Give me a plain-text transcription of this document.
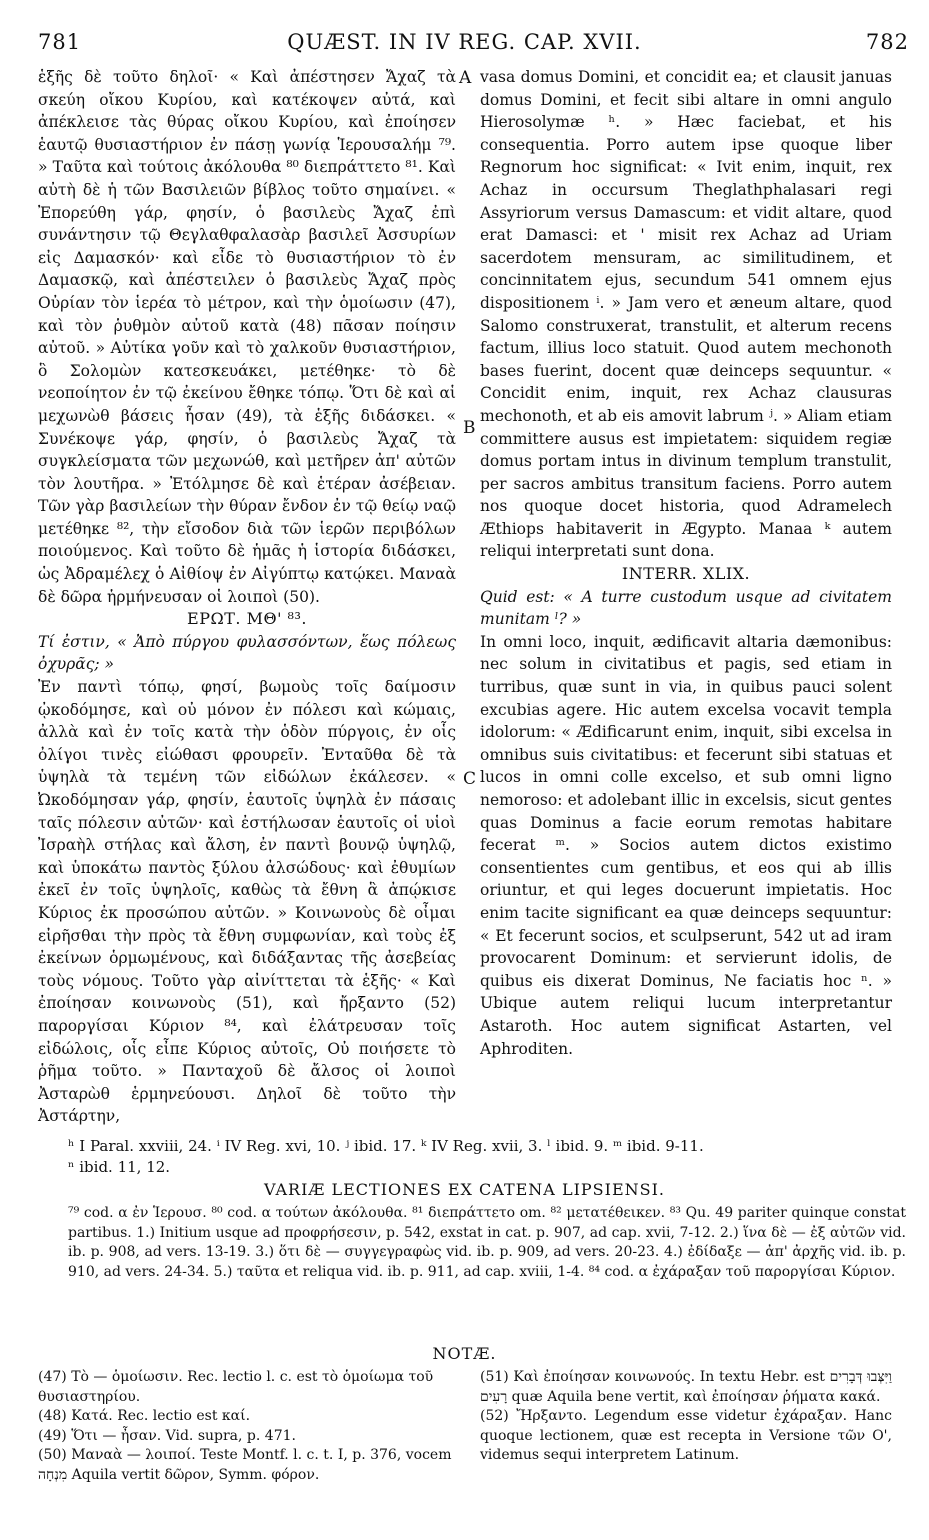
781	QUÆST. IN IV REG. CAP. XVII.	782
A
B
C

ἑξῆς δὲ τοῦτο δηλοῖ· « Καὶ ἀπέστησεν Ἄχαζ τὰ σκεύη οἴκου Κυρίου, καὶ κατέκοψεν αὐτά, καὶ ἀπέκλεισε τὰς θύρας οἴκου Κυρίου, καὶ ἐποίησεν ἑαυτῷ θυσιαστήριον ἐν πάσῃ γωνίᾳ Ἱερουσαλήμ ⁷⁹. » Ταῦτα καὶ τούτοις ἀκόλουθα ⁸⁰ διεπράττετο ⁸¹. Καὶ αὐτὴ δὲ ἡ τῶν Βασιλειῶν βίβλος τοῦτο σημαίνει. « Ἐπορεύθη γάρ, φησίν, ὁ βασιλεὺς Ἄχαζ ἐπὶ συνάντησιν τῷ Θεγλαθφαλασὰρ βασιλεῖ Ἀσσυρίων εἰς Δαμασκόν· καὶ εἶδε τὸ θυσιαστήριον τὸ ἐν Δαμασκῷ, καὶ ἀπέστειλεν ὁ βασιλεὺς Ἄχαζ πρὸς Οὐρίαν τὸν ἱερέα τὸ μέτρον, καὶ τὴν ὁμοίωσιν (47), καὶ τὸν ῥυθμὸν αὐτοῦ κατὰ (48) πᾶσαν ποίησιν αὐτοῦ. » Αὐτίκα γοῦν καὶ τὸ χαλκοῦν θυσιαστήριον, ὃ Σολομὼν κατεσκευάκει, μετέθηκε· τὸ δὲ νεοποίητον ἐν τῷ ἐκείνου ἔθηκε τόπῳ. Ὅτι δὲ καὶ αἱ μεχωνὼθ βάσεις ἦσαν (49), τὰ ἑξῆς διδάσκει. « Συνέκοψε γάρ, φησίν, ὁ βασιλεὺς Ἄχαζ τὰ συγκλείσματα τῶν μεχωνώθ, καὶ μετῆρεν ἀπ' αὐτῶν τὸν λουτῆρα. » Ἐτόλμησε δὲ καὶ ἑτέραν ἀσέβειαν. Τῶν γὰρ βασιλείων τὴν θύραν ἔνδον ἐν τῷ θείῳ ναῷ μετέθηκε ⁸², τὴν εἴσοδον διὰ τῶν ἱερῶν περιβόλων ποιούμενος. Καὶ τοῦτο δὲ ἡμᾶς ἡ ἱστορία διδάσκει, ὡς Ἀδραμέλεχ ὁ Αἰθίοψ ἐν Αἰγύπτῳ κατῴκει. Μαναὰ δὲ δῶρα ἡρμήνευσαν οἱ λοιποὶ (50).

ΕΡΩΤ. ΜΘ' ⁸³.

Τί ἐστιν, « Ἀπὸ πύργου φυλασσόντων, ἕως πόλεως ὀχυρᾶς; »

Ἐν παντὶ τόπῳ, φησί, βωμοὺς τοῖς δαίμοσιν ᾠκοδόμησε, καὶ οὐ μόνον ἐν πόλεσι καὶ κώμαις, ἀλλὰ καὶ ἐν τοῖς κατὰ τὴν ὁδὸν πύργοις, ἐν οἷς ὀλίγοι τινὲς εἰώθασι φρουρεῖν. Ἐνταῦθα δὲ τὰ ὑψηλὰ τὰ τεμένη τῶν εἰδώλων ἐκάλεσεν. « Ὠκοδόμησαν γάρ, φησίν, ἑαυτοῖς ὑψηλὰ ἐν πάσαις ταῖς πόλεσιν αὐτῶν· καὶ ἐστήλωσαν ἑαυτοῖς οἱ υἱοὶ Ἰσραὴλ στήλας καὶ ἄλση, ἐν παντὶ βουνῷ ὑψηλῷ, καὶ ὑποκάτω παντὸς ξύλου ἀλσώδους· καὶ ἐθυμίων ἐκεῖ ἐν τοῖς ὑψηλοῖς, καθὼς τὰ ἔθνη ἃ ἀπῴκισε Κύριος ἐκ προσώπου αὐτῶν. » Κοινωνοὺς δὲ οἶμαι εἰρῆσθαι τὴν πρὸς τὰ ἔθνη συμφωνίαν, καὶ τοὺς ἐξ ἐκείνων ὁρμωμένους, καὶ διδάξαντας τῆς ἀσεβείας τοὺς νόμους. Τοῦτο γὰρ αἰνίττεται τὰ ἑξῆς· « Καὶ ἐποίησαν κοινωνοὺς (51), καὶ ἤρξαντο (52) παροργίσαι Κύριον ⁸⁴, καὶ ἐλάτρευσαν τοῖς εἰδώλοις, οἷς εἶπε Κύριος αὐτοῖς, Οὐ ποιήσετε τὸ ῥῆμα τοῦτο. » Πανταχοῦ δὲ ἄλσος οἱ λοιποὶ Ἀσταρὼθ ἑρμηνεύουσι. Δηλοῖ δὲ τοῦτο τὴν Ἀστάρτην,

vasa domus Domini, et concidit ea; et clausit januas domus Domini, et fecit sibi altare in omni angulo Hierosolymæ ʰ. » Hæc faciebat, et his consequentia. Porro autem ipse quoque liber Regnorum hoc significat: « Ivit enim, inquit, rex Achaz in occursum Theglathphalasari regi Assyriorum versus Damascum: et vidit altare, quod erat Damasci: et ' misit rex Achaz ad Uriam sacerdotem mensuram, ac similitudinem, et concinnitatem ejus, secundum 541 omnem ejus dispositionem ⁱ. » Jam vero et æneum altare, quod Salomo construxerat, transtulit, et alterum recens factum, illius loco statuit. Quod autem mechonoth bases fuerint, docent quæ deinceps sequuntur. « Concidit enim, inquit, rex Achaz clausuras mechonoth, et ab eis amovit labrum ʲ. » Aliam etiam committere ausus est impietatem: siquidem regiæ domus portam intus in divinum templum transtulit, per sacros ambitus transitum faciens. Porro autem nos quoque docet historia, quod Adramelech Æthiops habitaverit in Ægypto. Manaa ᵏ autem reliqui interpretati sunt dona.

INTERR. XLIX.

Quid est: « A turre custodum usque ad civitatem munitam ˡ? »

In omni loco, inquit, ædificavit altaria dæmonibus: nec solum in civitatibus et pagis, sed etiam in turribus, quæ sunt in via, in quibus pauci solent excubias agere. Hic autem excelsa vocavit templa idolorum: « Ædificarunt enim, inquit, sibi excelsa in omnibus suis civitatibus: et fecerunt sibi statuas et lucos in omni colle excelso, et sub omni ligno nemoroso: et adolebant illic in excelsis, sicut gentes quas Dominus a facie eorum remotas habitare fecerat ᵐ. » Socios autem dictos existimo consentientes cum gentibus, et eos qui ab illis oriuntur, et qui leges docuerunt impietatis. Hoc enim tacite significant ea quæ deinceps sequuntur: « Et fecerunt socios, et sculpserunt, 542 ut ad iram provocarent Dominum: et servierunt idolis, de quibus eis dixerat Dominus, Ne faciatis hoc ⁿ. » Ubique autem reliqui lucum interpretantur Astaroth. Hoc autem significat Astarten, vel Aphroditen.

ʰ I Paral. xxviii, 24. ⁱ IV Reg. xvi, 10. ʲ ibid. 17. ᵏ IV Reg. xvii, 3. ˡ ibid. 9. ᵐ ibid. 9-11.

ⁿ ibid. 11, 12.

VARIÆ LECTIONES EX CATENA LIPSIENSI.

⁷⁹ cod. α ἐν Ἱερουσ. ⁸⁰ cod. α τούτων ἀκόλουθα. ⁸¹ διεπράττετο om. ⁸² μετατέθεικεν. ⁸³ Qu. 49 pariter quinque constat partibus. 1.) Initium usque ad προφρήσεσιν, p. 542, exstat in cat. p. 907, ad cap. xvii, 7-12. 2.) ἵνα δὲ — ἐξ αὐτῶν vid. ib. p. 908, ad vers. 13-19. 3.) ὅτι δὲ — συγγεγραφὼς vid. ib. p. 909, ad vers. 20-23. 4.) ἐδίδαξε — ἀπ' ἀρχῆς vid. ib. p. 910, ad vers. 24-34. 5.) ταῦτα et reliqua vid. ib. p. 911, ad cap. xviii, 1-4. ⁸⁴ cod. α ἐχάραξαν τοῦ παροργίσαι Κύριον.

NOTÆ.

(47) Τὸ — ὁμοίωσιν. Rec. lectio l. c. est τὸ ὁμοίωμα τοῦ θυσιαστηρίου.

(48) Κατά. Rec. lectio est καί.

(49) Ὅτι — ἦσαν. Vid. supra, p. 471.

(50) Μαναὰ — λοιποί. Teste Montf. l. c. t. I, p. 376, vocem מִנְחָה Aquila vertit δῶρον, Symm. φόρον.

(51) Καὶ ἐποίησαν κοινωνούς. In textu Hebr. est וַיִּצְּבוּ דְּבָרִים רָעִים quæ Aquila bene vertit, καὶ ἐποίησαν ῥήματα κακά.

(52) Ἤρξαντο. Legendum esse videtur ἐχάραξαν. Hanc quoque lectionem, quæ est recepta in Versione τῶν Ο', videmus sequi interpretem Latinum.
